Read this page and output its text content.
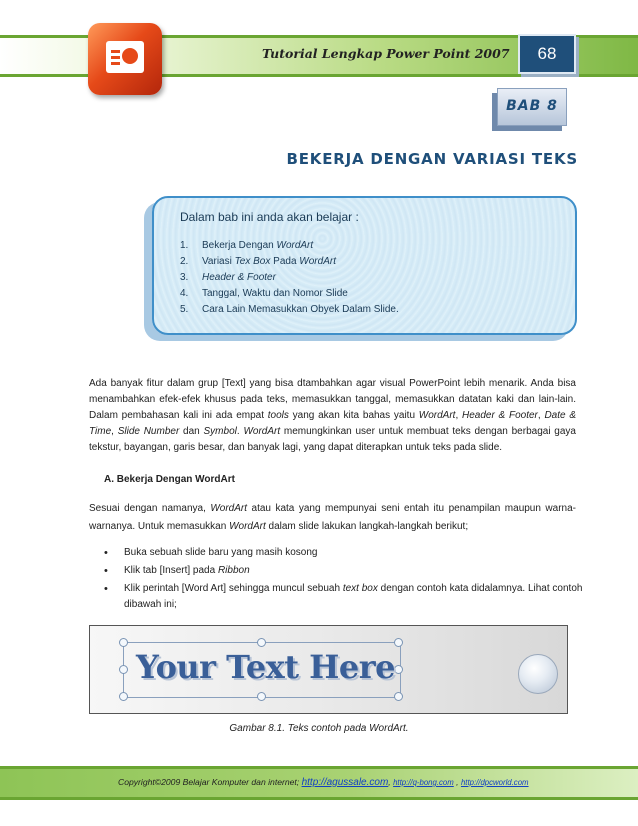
Tutorial Lengkap Power Point 2007	68
BAB 8
BEKERJA DENGAN VARIASI TEKS
Dalam bab ini anda akan belajar :
1. Bekerja Dengan WordArt
2. Variasi Tex Box Pada WordArt
3. Header & Footer
4. Tanggal, Waktu dan Nomor Slide
5. Cara Lain Memasukkan Obyek Dalam Slide.
Ada banyak fitur dalam grup [Text] yang bisa dtambahkan agar visual PowerPoint lebih menarik. Anda bisa menambahkan efek-efek khusus pada teks, memasukkan tanggal, memasukkan datatan kaki dan lain-lain. Dalam pembahasan kali ini ada empat tools yang akan kita bahas yaitu WordArt, Header & Footer, Date & Time, Slide Number dan Symbol. WordArt memungkinkan user untuk membuat teks dengan berbagai gaya tekstur, bayangan, garis besar, dan banyak lagi, yang dapat diterapkan untuk teks pada slide.
A. Bekerja Dengan WordArt
Sesuai dengan namanya, WordArt atau kata yang mempunyai seni entah itu penampilan maupun warna-warnanya. Untuk memasukkan WordArt dalam slide lakukan langkah-langkah berikut;
• Buka sebuah slide baru yang masih kosong
• Klik tab [Insert] pada Ribbon
• Klik perintah [Word Art] sehingga muncul sebuah text box dengan contoh kata didalamnya. Lihat contoh dibawah ini;
Your Text Here
Gambar 8.1. Teks contoh pada WordArt.
Copyright©2009 Belajar Komputer dan internet; http://agussale.com, http://q-bong.com , http://dpcworld.com
